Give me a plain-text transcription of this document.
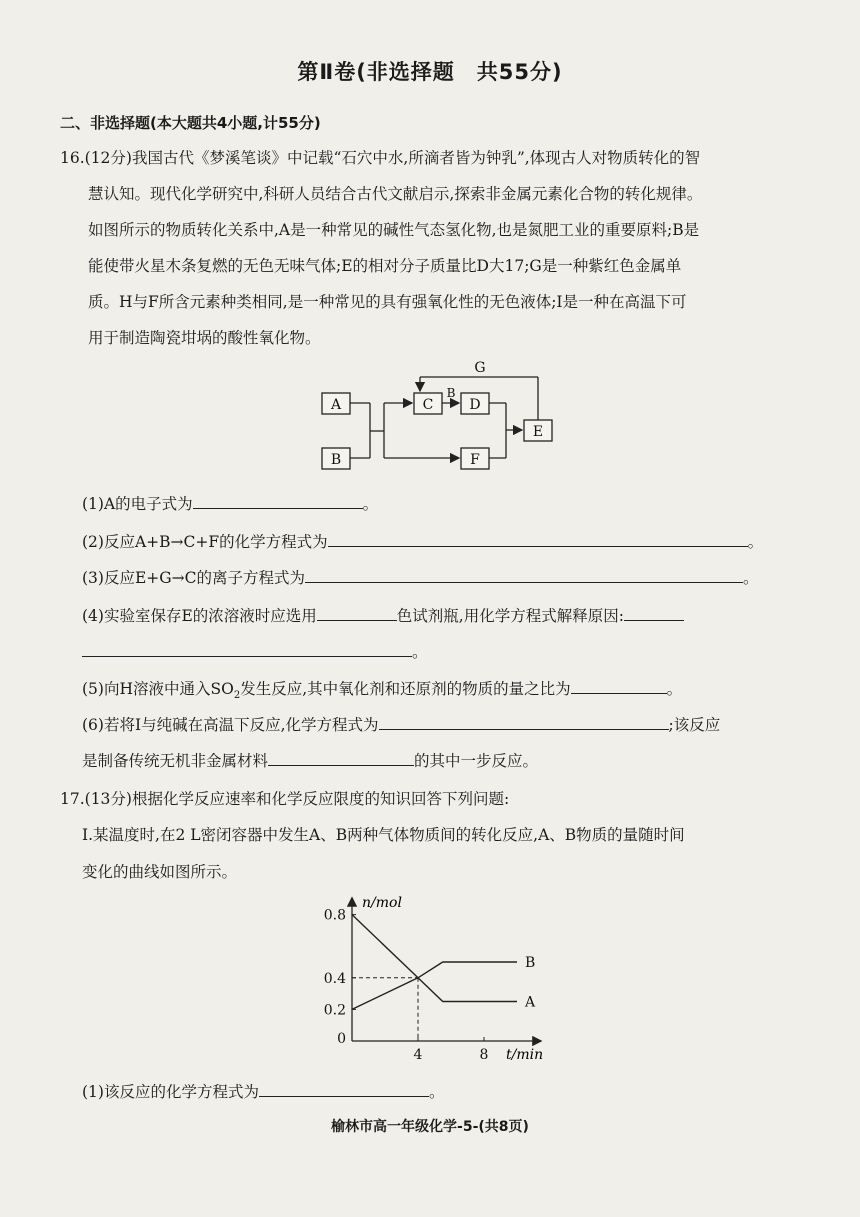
第Ⅱ卷(非选择题　共55分)
二、非选择题(本大题共4小题,计55分)
16.(12分)我国古代《梦溪笔谈》中记载“石穴中水,所滴者皆为钟乳”,体现古人对物质转化的智
慧认知。现代化学研究中,科研人员结合古代文献启示,探索非金属元素化合物的转化规律。
如图所示的物质转化关系中,A是一种常见的碱性气态氢化物,也是氮肥工业的重要原料;B是
能使带火星木条复燃的无色无味气体;E的相对分子质量比D大17;G是一种紫红色金属单
质。H与F所含元素种类相同,是一种常见的具有强氧化性的无色液体;I是一种在高温下可
用于制造陶瓷坩埚的酸性氧化物。
A
B
C	D
E
F
G
B
(1)A的电子式为	。
(2)反应A+B→C+F的化学方程式为	。
(3)反应E+G→C的离子方程式为	。
(4)实验室保存E的浓溶液时应选用	色试剂瓶,用化学方程式解释原因:
。
(5)向H溶液中通入$SO_2$发生反应,其中氧化剂和还原剂的物质的量之比为	。
(6)若将I与纯碱在高温下反应,化学方程式为	;该反应
是制备传统无机非金属材料	的其中一步反应。
17.(13分)根据化学反应速率和化学反应限度的知识回答下列问题:
Ⅰ.某温度时,在2 L密闭容器中发生A、B两种气体物质间的转化反应,A、B物质的量随时间
变化的曲线如图所示。
0
0.2
0.4
0.8
4	8
B
A
n/mol
t/min
(1)该反应的化学方程式为	。
榆林市高一年级化学-5-(共8页)
